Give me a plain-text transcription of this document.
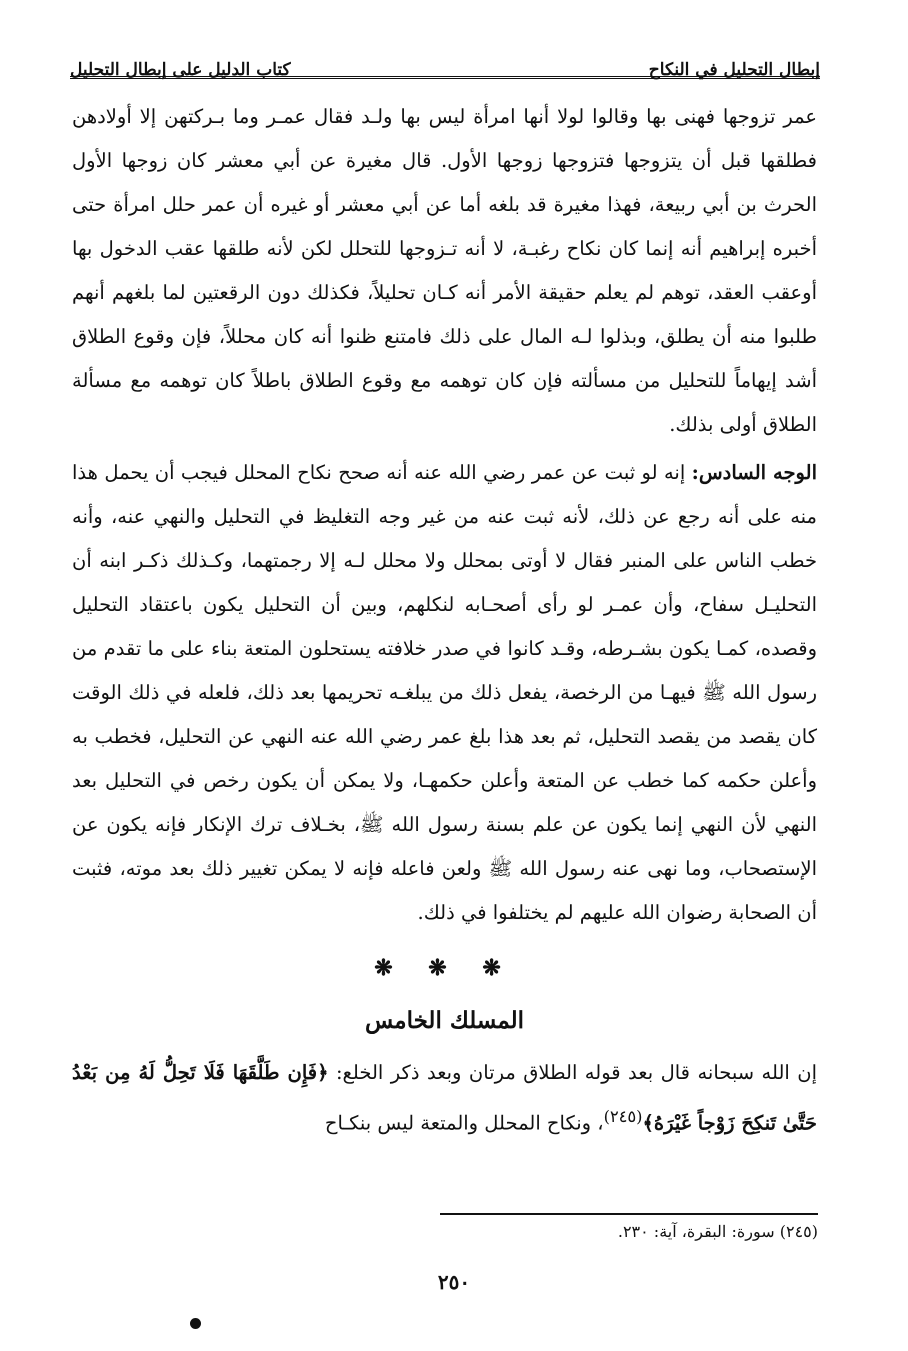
إبطال التحليل في النكاح
كتاب الدليل على إبطال التحليل

عمر تزوجها فهنى بها وقالوا لولا أنها امرأة ليس بها ولـد فقال عمـر وما بـركتهن إلا أولادهن فطلقها قبل أن يتزوجها فتزوجها زوجها الأول. قال مغيرة عن أبي معشر كان زوجها الأول الحرث بن أبي ربيعة، فهذا مغيرة قد بلغه أما عن أبي معشر أو غيره أن عمر حلل امرأة حتى أخبره إبراهيم أنه إنما كان نكاح رغبـة، لا أنه تـزوجها للتحلل لكن لأنه طلقها عقب الدخول بها أوعقب العقد، توهم لم يعلم حقيقة الأمر أنه كـان تحليلاً، فكذلك دون الرقعتين لما بلغهم أنهم طلبوا منه أن يطلق، وبذلوا لـه المال على ذلك فامتنع ظنوا أنه كان محللاً، فإن وقوع الطلاق أشد إيهاماً للتحليل من مسألته فإن كان توهمه مع وقوع الطلاق باطلاً كان توهمه مع مسألة الطلاق أولى بذلك.

الوجه السادس: إنه لو ثبت عن عمر رضي الله عنه أنه صحح نكاح المحلل فيجب أن يحمل هذا منه على أنه رجع عن ذلك، لأنه ثبت عنه من غير وجه التغليظ في التحليل والنهي عنه، وأنه خطب الناس على المنبر فقال لا أوتى بمحلل ولا محلل لـه إلا رجمتهما، وكـذلك ذكـر ابنه أن التحليـل سفاح، وأن عمـر لو رأى أصحـابه لنكلهم، وبين أن التحليل يكون باعتقاد التحليل وقصده، كمـا يكون بشـرطه، وقـد كانوا في صدر خلافته يستحلون المتعة بناء على ما تقدم من رسول الله ﷺ فيهـا من الرخصة، يفعل ذلك من يبلغـه تحريمها بعد ذلك، فلعله في ذلك الوقت كان يقصد من يقصد التحليل، ثم بعد هذا بلغ عمر رضي الله عنه النهي عن التحليل، فخطب به وأعلن حكمه كما خطب عن المتعة وأعلن حكمهـا، ولا يمكن أن يكون رخص في التحليل بعد النهي لأن النهي إنما يكون عن علم بسنة رسول الله ﷺ، بخـلاف ترك الإنكار فإنه يكون عن الإستصحاب، وما نهى عنه رسول الله ﷺ ولعن فاعله فإنه لا يمكن تغيير ذلك بعد موته، فثبت أن الصحابة رضوان الله عليهم لم يختلفوا في ذلك.

❋ ❋ ❋
المسلك الخامس

إن الله سبحانه قال بعد قوله الطلاق مرتان وبعد ذكر الخلع: ﴿فَإِن طَلَّقَهَا فَلَا تَحِلُّ لَهُ مِن بَعْدُ حَتَّىٰ تَنكِحَ زَوْجاً غَيْرَهُ﴾$^{(٢٤٥)}$، ونكاح المحلل والمتعة ليس بنكـاح

(٢٤٥) سورة: البقرة، آية: ٢٣٠.
٢٥٠
